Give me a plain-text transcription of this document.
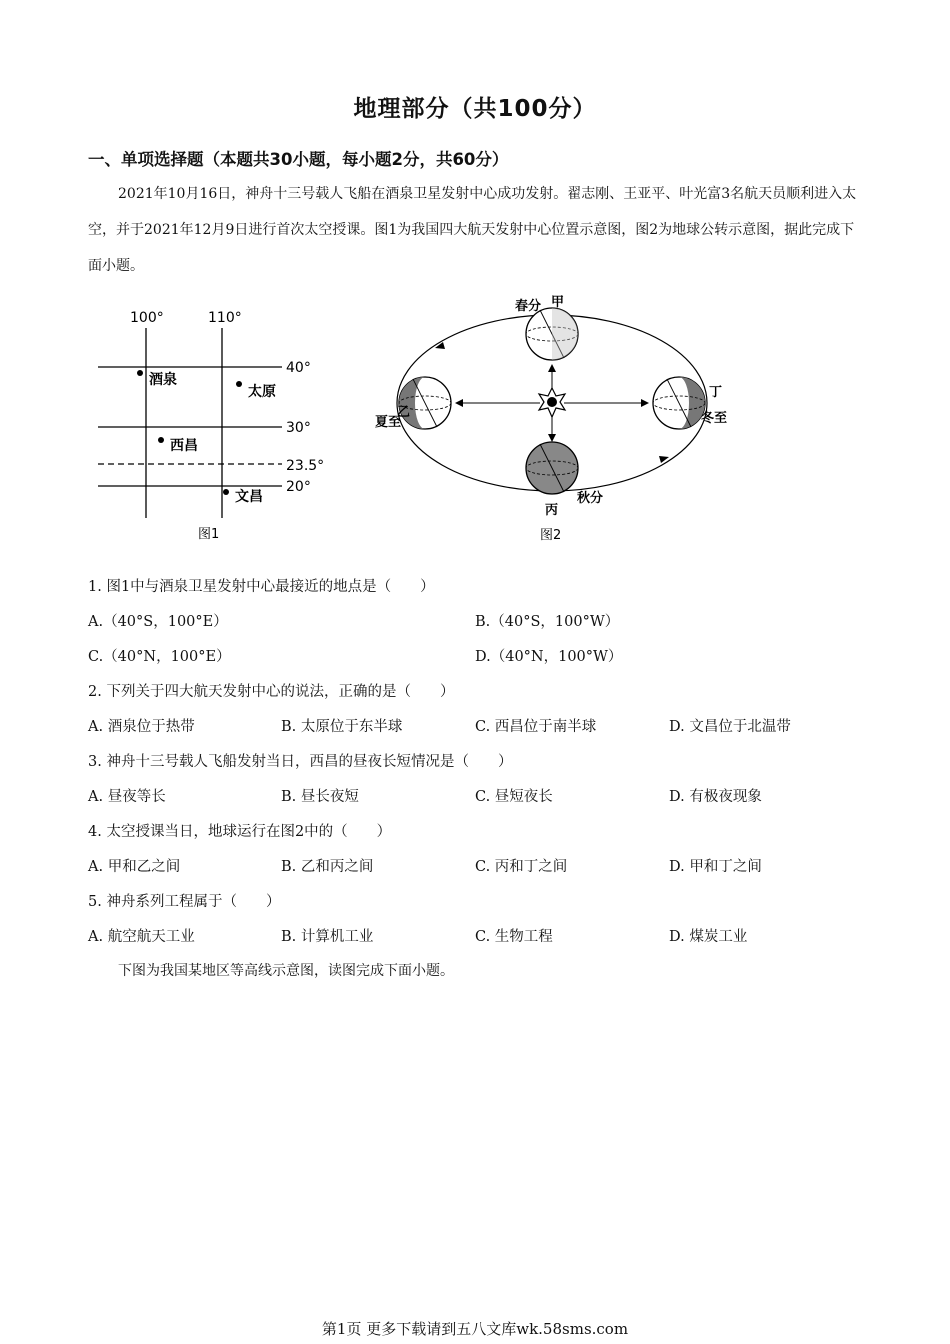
地理部分（共100分）
一、单项选择题（本题共30小题，每小题2分，共60分）

2021年10月16日，神舟十三号载人飞船在酒泉卫星发射中心成功发射。翟志刚、王亚平、叶光富3名航天员顺利进入太空，并于2021年12月9日进行首次太空授课。图1为我国四大航天发射中心位置示意图，图2为地球公转示意图，据此完成下面小题。

100°	110°
40°
30°
23.5°
20°
酒泉
太原
西昌
文昌
图1
春分 甲
乙
夏至
丁
冬至
丙
秋分
图2
1. 图1中与酒泉卫星发射中心最接近的地点是（　　）
A.（40°S，100°E）	B.（40°S，100°W）
C.（40°N，100°E）	D.（40°N，100°W）
2. 下列关于四大航天发射中心的说法，正确的是（　　）
A. 酒泉位于热带	B. 太原位于东半球	C. 西昌位于南半球	D. 文昌位于北温带
3. 神舟十三号载人飞船发射当日，西昌的昼夜长短情况是（　　）
A. 昼夜等长	B. 昼长夜短	C. 昼短夜长	D. 有极夜现象
4. 太空授课当日，地球运行在图2中的（　　）
A. 甲和乙之间	B. 乙和丙之间	C. 丙和丁之间	D. 甲和丁之间
5. 神舟系列工程属于（　　）
A. 航空航天工业	B. 计算机工业	C. 生物工程	D. 煤炭工业
下图为我国某地区等高线示意图，读图完成下面小题。
第1页 更多下载请到五八文库wk.58sms.com
